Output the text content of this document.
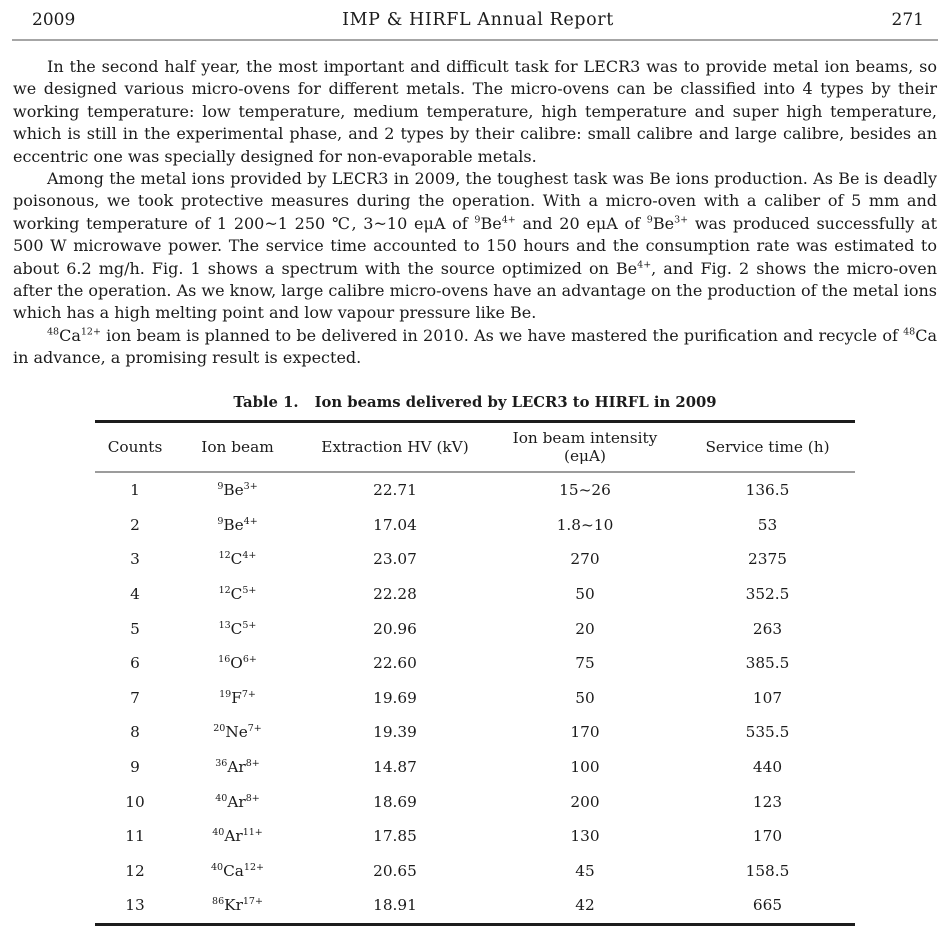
2009	IMP & HIRFL Annual Report	271

In the second half year, the most important and difficult task for LECR3 was to provide metal ion beams, so we designed various micro-ovens for different metals. The micro-ovens can be classified into 4 types by their working temperature: low temperature, medium temperature, high temperature and super high temperature, which is still in the experimental phase, and 2 types by their calibre: small calibre and large calibre, besides an eccentric one was specially designed for non-evaporable metals.

Among the metal ions provided by LECR3 in 2009, the toughest task was Be ions production. As Be is deadly poisonous, we took protective measures during the operation. With a micro-oven with a caliber of 5 mm and working temperature of 1 200~1 250 ℃, 3~10 eμA of $^9Be^{4+}$ and 20 eμA of $^9Be^{3+}$ was produced successfully at 500 W microwave power. The service time accounted to 150 hours and the consumption rate was estimated to about 6.2 mg/h. Fig. 1 shows a spectrum with the source optimized on $Be^{4+}$, and Fig. 2 shows the micro-oven after the operation. As we know, large calibre micro-ovens have an advantage on the production of the metal ions which has a high melting point and low vapour pressure like Be.

$^{48}Ca^{12+}$ ion beam is planned to be delivered in 2010. As we have mastered the purification and recycle of $^{48}$Ca in advance, a promising result is expected.

Table 1. Ion beams delivered by LECR3 to HIRFL in 2009
Counts	Ion beam	Extraction HV (kV)	Ion beam intensity (eμA)	Service time (h)
1	$^9Be^{3+}$	22.71	15~26	136.5
2	$^9Be^{4+}$	17.04	1.8~10	53
3	$^{12}C^{4+}$	23.07	270	2375
4	$^{12}C^{5+}$	22.28	50	352.5
5	$^{13}C^{5+}$	20.96	20	263
6	$^{16}O^{6+}$	22.60	75	385.5
7	$^{19}F^{7+}$	19.69	50	107
8	$^{20}Ne^{7+}$	19.39	170	535.5
9	$^{36}Ar^{8+}$	14.87	100	440
10	$^{40}Ar^{8+}$	18.69	200	123
11	$^{40}Ar^{11+}$	17.85	130	170
12	$^{40}Ca^{12+}$	20.65	45	158.5
13	$^{86}Kr^{17+}$	18.91	42	665
